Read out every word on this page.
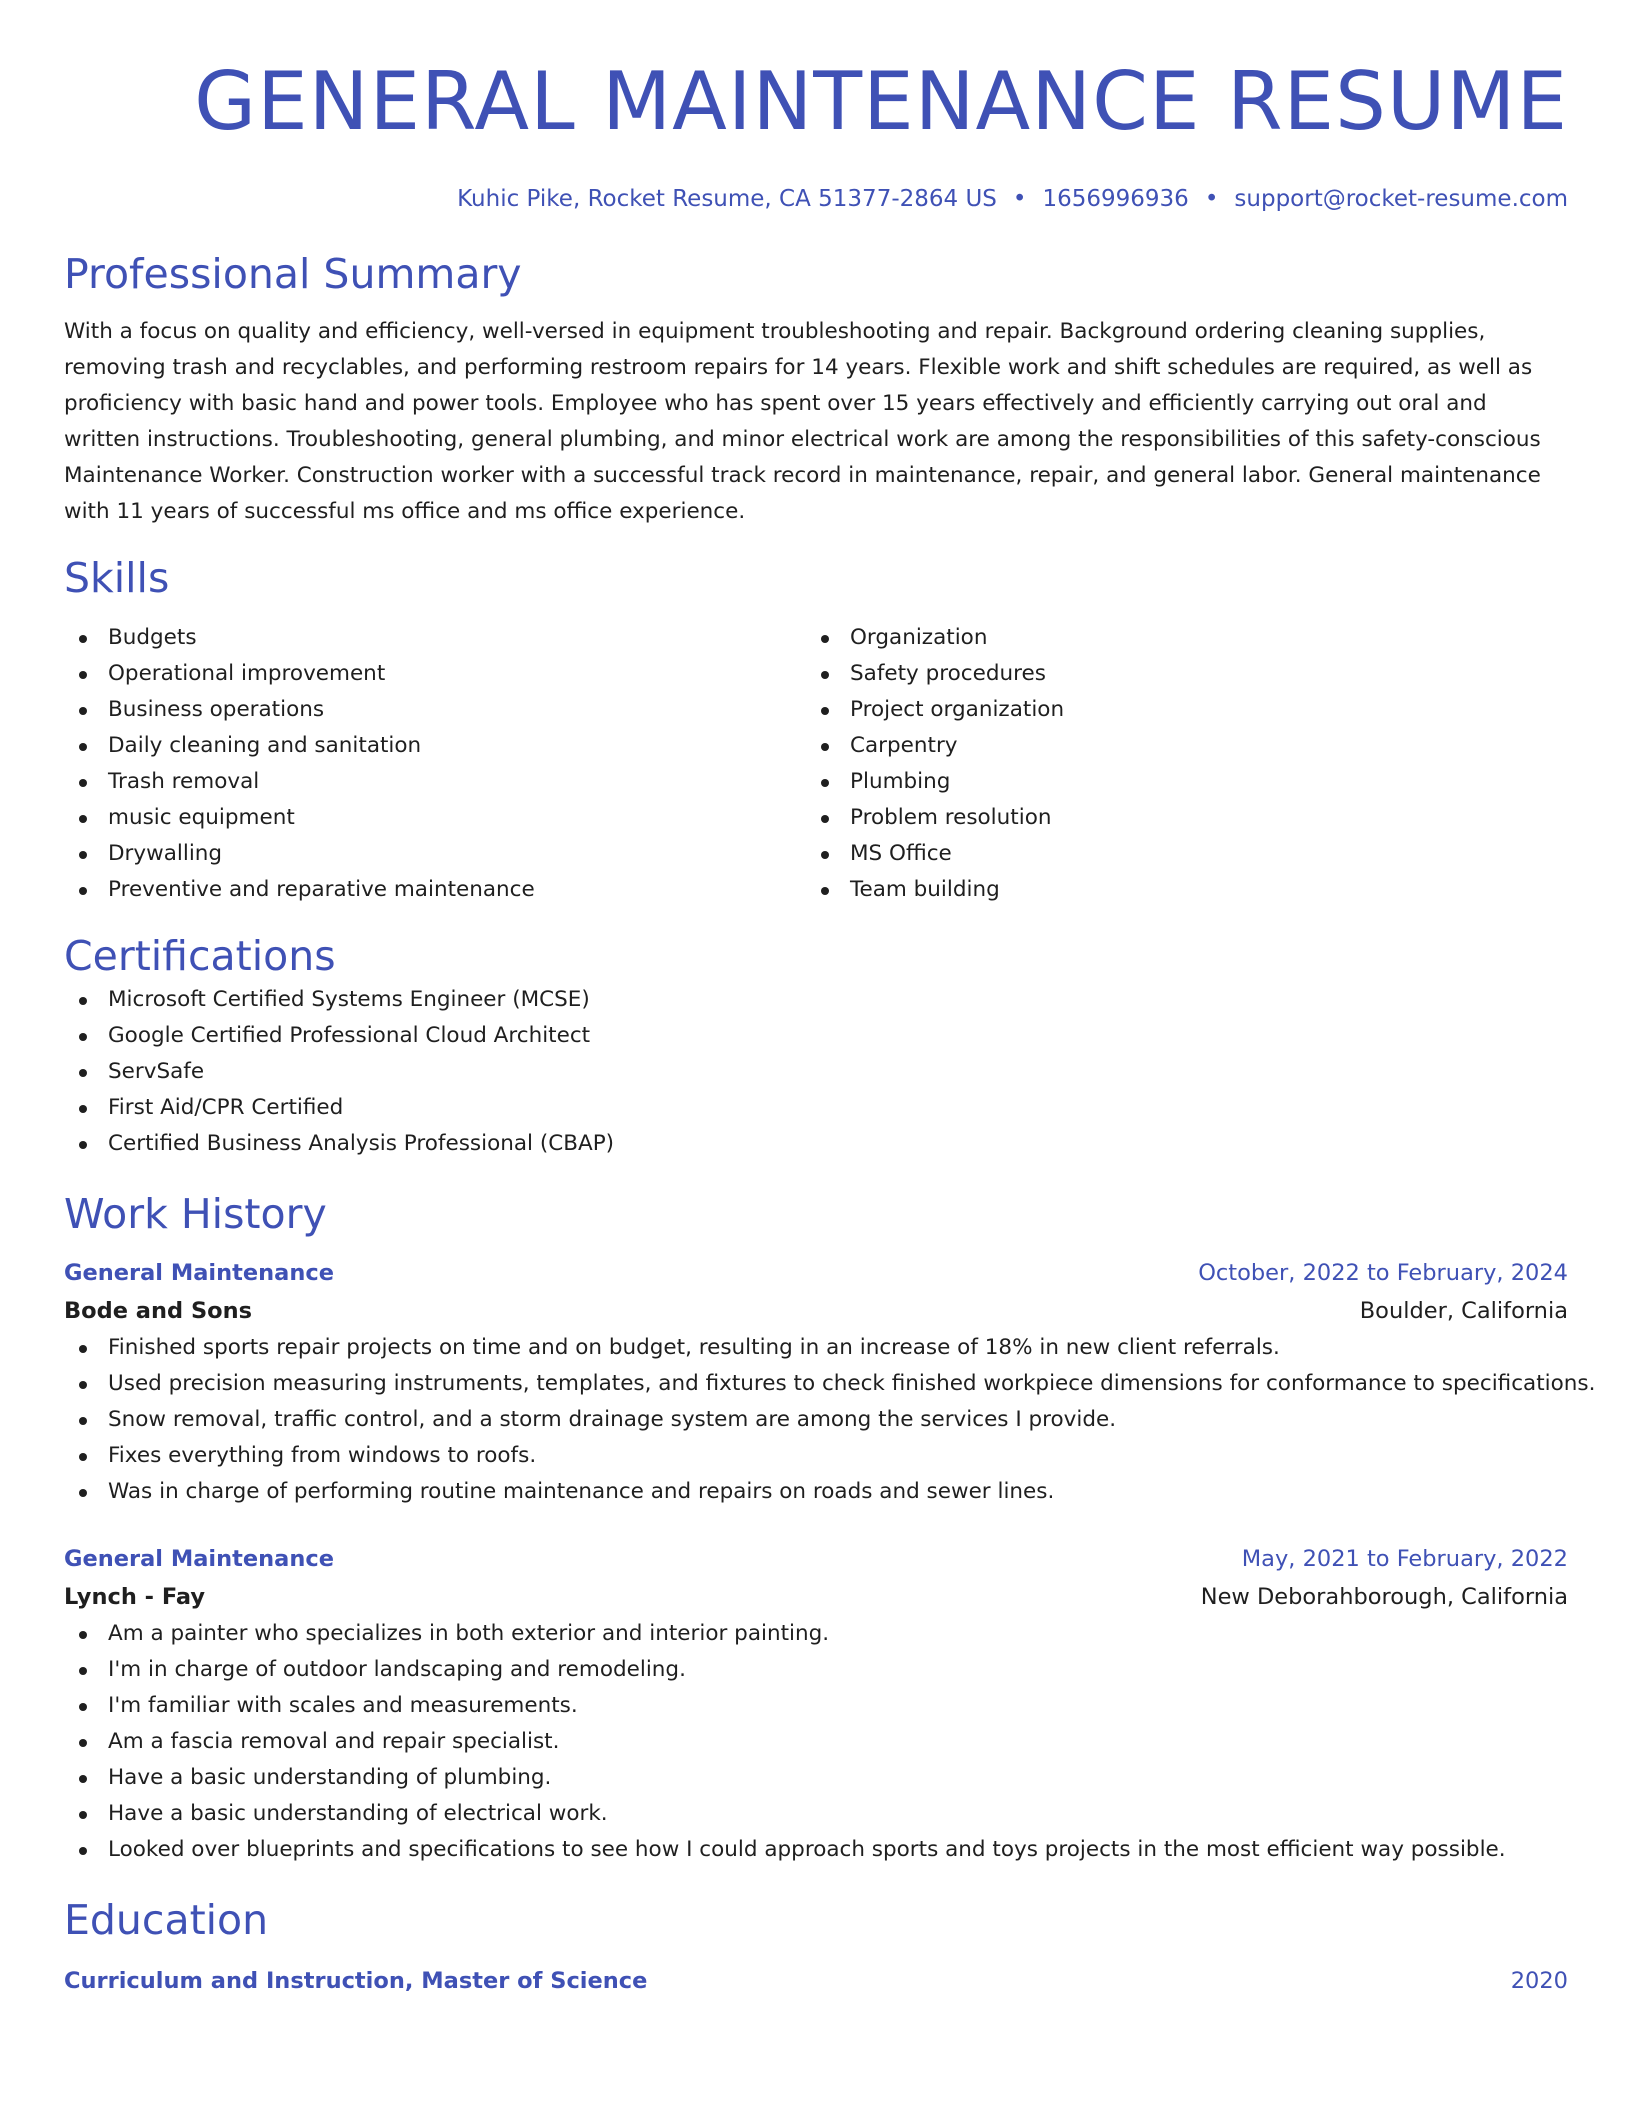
GENERAL MAINTENANCE RESUME
Kuhic Pike, Rocket Resume, CA 51377-2864 US • 1656996936 • support@rocket-resume.com
Professional Summary
With a focus on quality and efficiency, well-versed in equipment troubleshooting and repair. Background ordering cleaning supplies, removing trash and recyclables, and performing restroom repairs for 14 years. Flexible work and shift schedules are required, as well as proficiency with basic hand and power tools. Employee who has spent over 15 years effectively and efficiently carrying out oral and written instructions. Troubleshooting, general plumbing, and minor electrical work are among the responsibilities of this safety-conscious Maintenance Worker. Construction worker with a successful track record in maintenance, repair, and general labor. General maintenance with 11 years of successful ms office and ms office experience.
Skills
Budgets
Operational improvement
Business operations
Daily cleaning and sanitation
Trash removal
music equipment
Drywalling
Preventive and reparative maintenance
Organization
Safety procedures
Project organization
Carpentry
Plumbing
Problem resolution
MS Office
Team building
Certifications
Microsoft Certified Systems Engineer (MCSE)
Google Certified Professional Cloud Architect
ServSafe
First Aid/CPR Certified
Certified Business Analysis Professional (CBAP)
Work History
General Maintenance	October, 2022 to February, 2024
Bode and Sons	Boulder, California
Finished sports repair projects on time and on budget, resulting in an increase of 18% in new client referrals.
Used precision measuring instruments, templates, and fixtures to check finished workpiece dimensions for conformance to specifications.
Snow removal, traffic control, and a storm drainage system are among the services I provide.
Fixes everything from windows to roofs.
Was in charge of performing routine maintenance and repairs on roads and sewer lines.
General Maintenance	May, 2021 to February, 2022
Lynch - Fay	New Deborahborough, California
Am a painter who specializes in both exterior and interior painting.
I'm in charge of outdoor landscaping and remodeling.
I'm familiar with scales and measurements.
Am a fascia removal and repair specialist.
Have a basic understanding of plumbing.
Have a basic understanding of electrical work.
Looked over blueprints and specifications to see how I could approach sports and toys projects in the most efficient way possible.
Education
Curriculum and Instruction, Master of Science	2020
